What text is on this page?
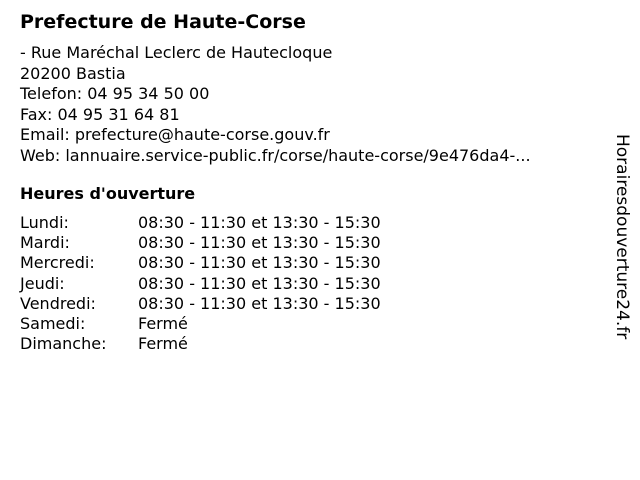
Prefecture de Haute-Corse
- Rue Maréchal Leclerc de Hautecloque
20200 Bastia
Telefon: 04 95 34 50 00
Fax: 04 95 31 64 81
Email: prefecture@haute-corse.gouv.fr
Web: lannuaire.service-public.fr/corse/haute-corse/9e476da4-...
Heures d'ouverture
Lundi:	08:30 - 11:30 et 13:30 - 15:30
Mardi:	08:30 - 11:30 et 13:30 - 15:30
Mercredi:	08:30 - 11:30 et 13:30 - 15:30
Jeudi:	08:30 - 11:30 et 13:30 - 15:30
Vendredi:	08:30 - 11:30 et 13:30 - 15:30
Samedi:	Fermé
Dimanche:	Fermé
Horairesdouverture24.fr
